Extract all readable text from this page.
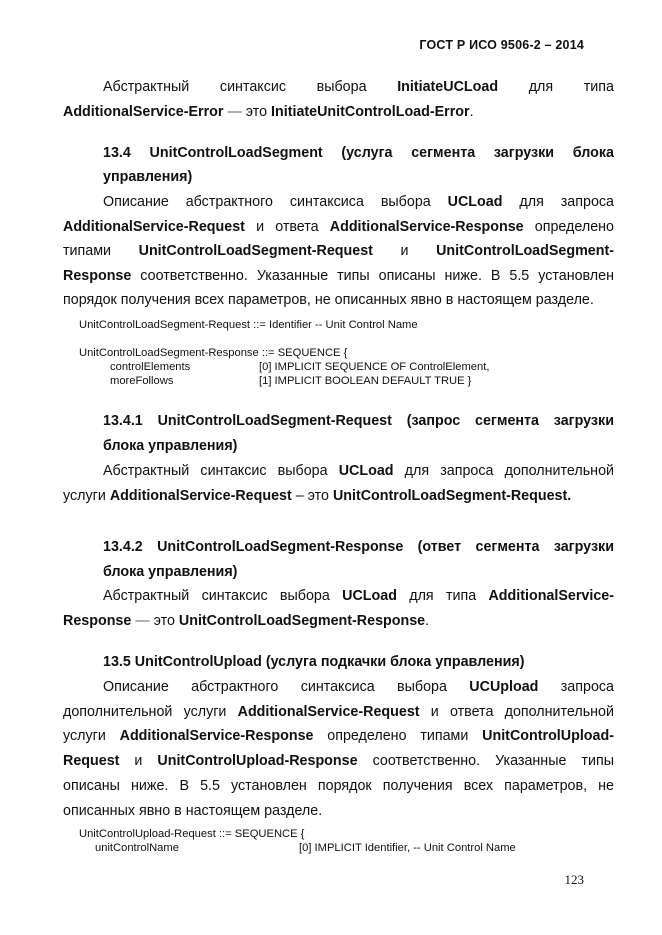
ГОСТ Р ИСО 9506-2 – 2014
Абстрактный синтаксис выбора InitiateUCLoad для типа
AdditionalService-Error — это InitiateUnitControlLoad-Error.
13.4 UnitControlLoadSegment (услуга сегмента загрузки блока
управления)
Описание абстрактного синтаксиса выбора UCLoad для запроса
AdditionalService-Request и ответа AdditionalService-Response определено
типами UnitControlLoadSegment-Request и UnitControlLoadSegment-
Response соответственно. Указанные типы описаны ниже. В 5.5 установлен
порядок получения всех параметров, не описанных явно в настоящем разделе.
UnitControlLoadSegment-Request ::= Identifier -- Unit Control Name
UnitControlLoadSegment-Response ::= SEQUENCE {
controlElements	[0] IMPLICIT SEQUENCE OF ControlElement,
moreFollows	[1] IMPLICIT BOOLEAN DEFAULT TRUE }
13.4.1 UnitControlLoadSegment-Request (запрос сегмента загрузки
блока управления)
Абстрактный синтаксис выбора UCLoad для запроса дополнительной
услуги AdditionalService-Request – это UnitControlLoadSegment-Request.
13.4.2 UnitControlLoadSegment-Response (ответ сегмента загрузки
блока управления)
Абстрактный синтаксис выбора UCLoad для типа AdditionalService-
Response — это UnitControlLoadSegment-Response.
13.5 UnitControlUpload (услуга подкачки блока управления)
Описание абстрактного синтаксиса выбора UCUpload запроса
дополнительной услуги AdditionalService-Request и ответа дополнительной
услуги AdditionalService-Response определено типами UnitControlUpload-
Request и UnitControlUpload-Response соответственно. Указанные типы
описаны ниже. В 5.5 установлен порядок получения всех параметров, не
описанных явно в настоящем разделе.
UnitControlUpload-Request ::= SEQUENCE {
unitControlName	[0] IMPLICIT Identifier, -- Unit Control Name
123
